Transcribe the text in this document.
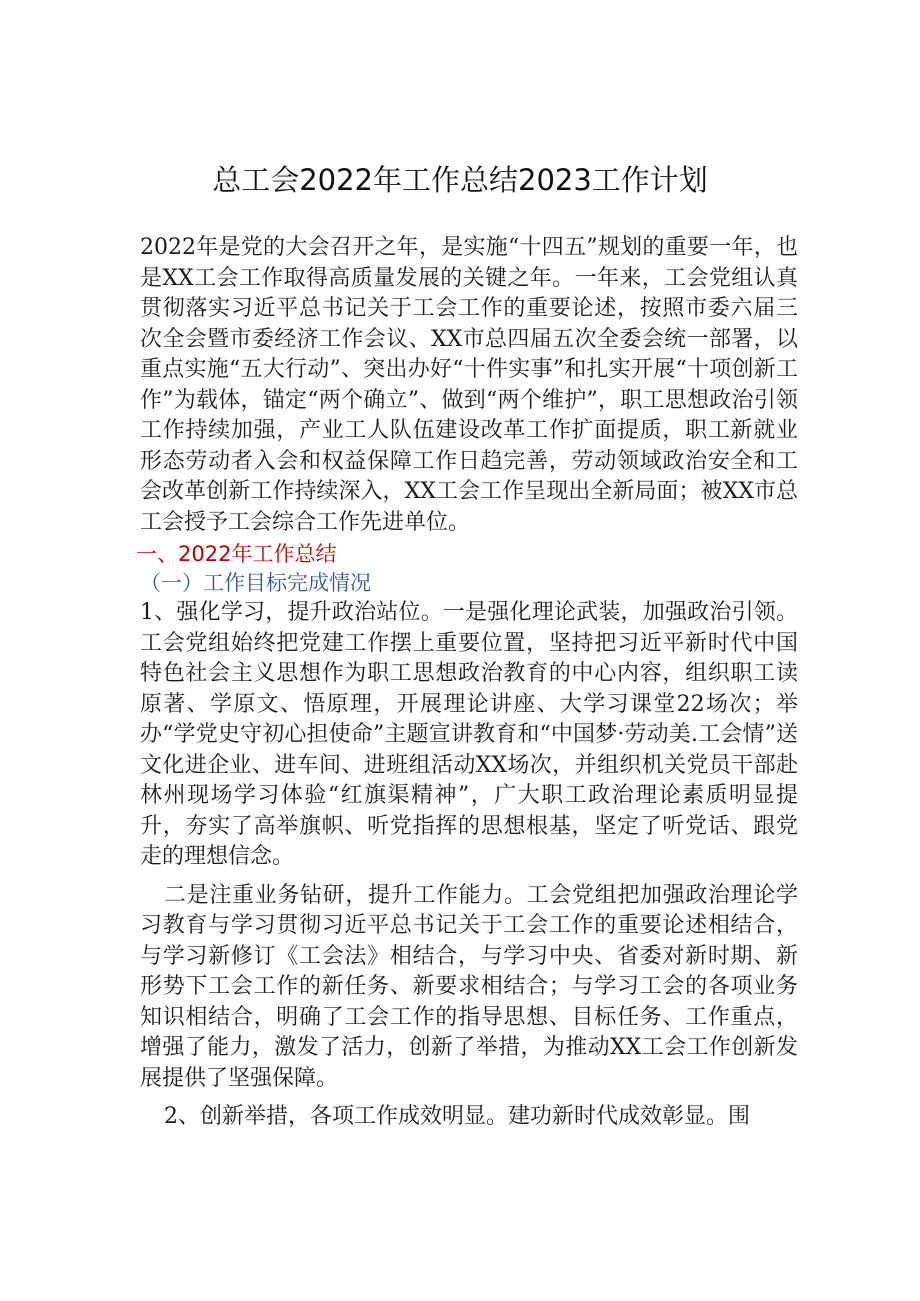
总工会2022年工作总结2023工作计划

2022年是党的大会召开之年，是实施“十四五”规划的重要一年，也是XX工会工作取得高质量发展的关键之年。一年来，工会党组认真贯彻落实习近平总书记关于工会工作的重要论述，按照市委六届三次全会暨市委经济工作会议、XX市总四届五次全委会统一部署，以重点实施“五大行动”、突出办好“十件实事”和扎实开展“十项创新工作”为载体，锚定“两个确立”、做到“两个维护”，职工思想政治引领工作持续加强，产业工人队伍建设改革工作扩面提质，职工新就业形态劳动者入会和权益保障工作日趋完善，劳动领域政治安全和工会改革创新工作持续深入，XX工会工作呈现出全新局面；被XX市总工会授予工会综合工作先进单位。

一、2022年工作总结
（一）工作目标完成情况

1、强化学习，提升政治站位。一是强化理论武装，加强政治引领。工会党组始终把党建工作摆上重要位置，坚持把习近平新时代中国特色社会主义思想作为职工思想政治教育的中心内容，组织职工读原著、学原文、悟原理，开展理论讲座、大学习课堂22场次；举办“学党史守初心担使命”主题宣讲教育和“中国梦·劳动美.工会情”送文化进企业、进车间、进班组活动XX场次，并组织机关党员干部赴林州现场学习体验“红旗渠精神”，广大职工政治理论素质明显提升，夯实了高举旗帜、听党指挥的思想根基，坚定了听党话、跟党走的理想信念。

二是注重业务钻研，提升工作能力。工会党组把加强政治理论学习教育与学习贯彻习近平总书记关于工会工作的重要论述相结合，与学习新修订《工会法》相结合，与学习中央、省委对新时期、新形势下工会工作的新任务、新要求相结合；与学习工会的各项业务知识相结合，明确了工会工作的指导思想、目标任务、工作重点，增强了能力，激发了活力，创新了举措，为推动XX工会工作创新发展提供了坚强保障。

2、创新举措，各项工作成效明显。建功新时代成效彰显。围
